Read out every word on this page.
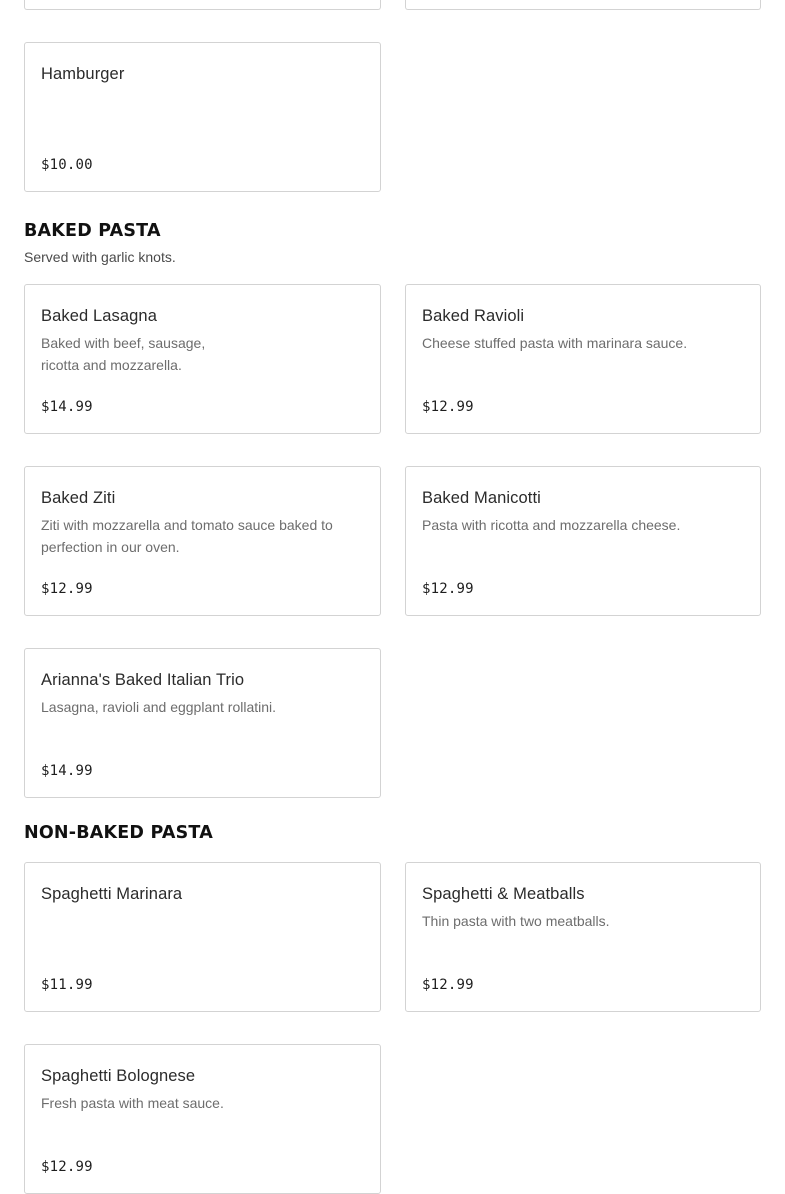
Hamburger
$10.00
BAKED PASTA
Served with garlic knots.
Baked Lasagna
Baked with beef, sausage, ricotta and mozzarella.
$14.99
Baked Ravioli
Cheese stuffed pasta with marinara sauce.
$12.99
Baked Ziti
Ziti with mozzarella and tomato sauce baked to perfection in our oven.
$12.99
Baked Manicotti
Pasta with ricotta and mozzarella cheese.
$12.99
Arianna's Baked Italian Trio
Lasagna, ravioli and eggplant rollatini.
$14.99
NON-BAKED PASTA
Spaghetti Marinara
$11.99
Spaghetti & Meatballs
Thin pasta with two meatballs.
$12.99
Spaghetti Bolognese
Fresh pasta with meat sauce.
$12.99
